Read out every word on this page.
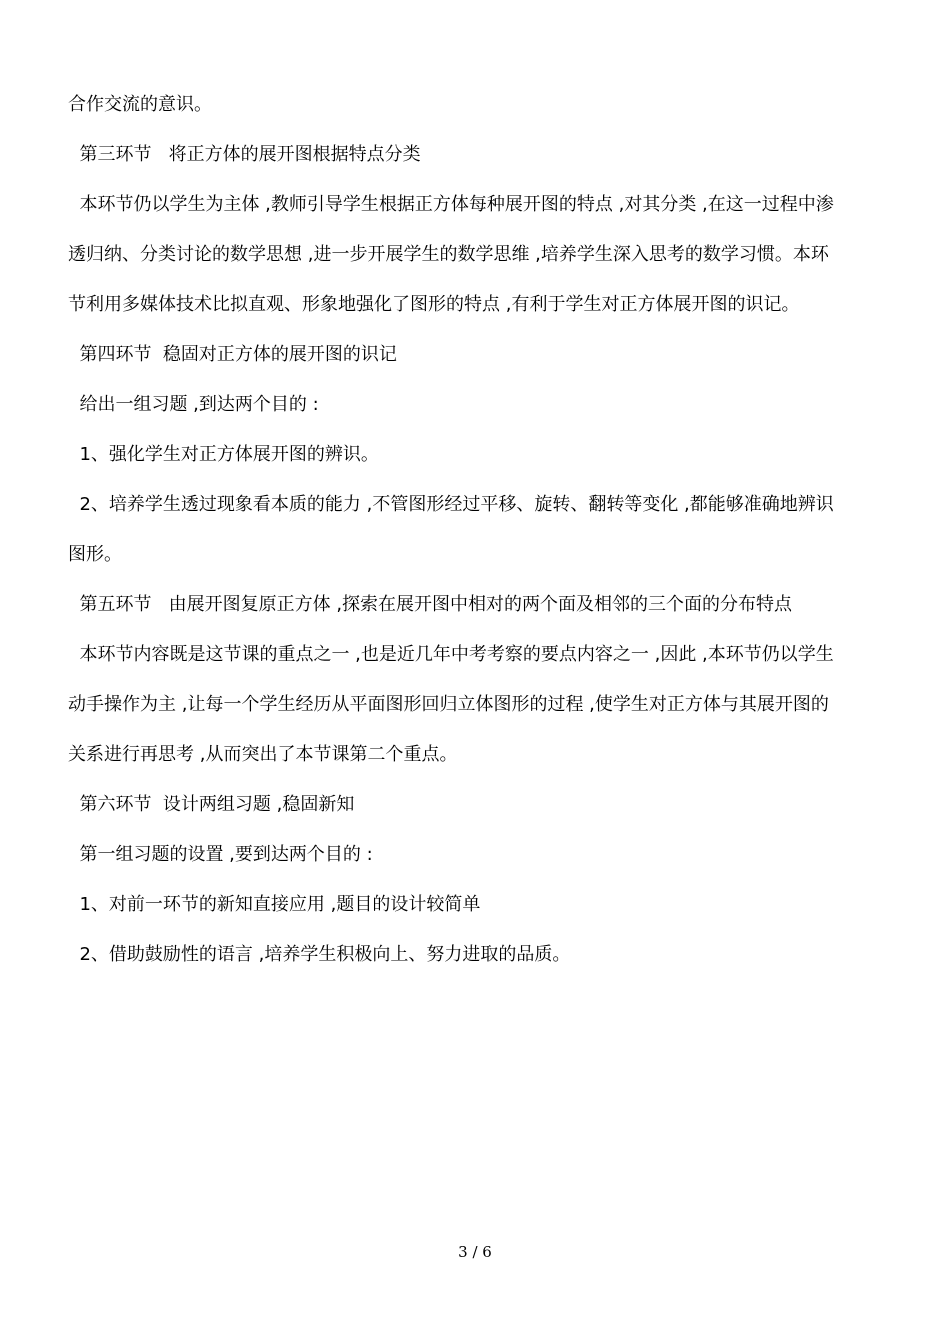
合作交流的意识。
第三环节   将正方体的展开图根据特点分类
本环节仍以学生为主体 ,教师引导学生根据正方体每种展开图的特点 ,对其分类 ,在这一过程中渗
透归纳、分类讨论的数学思想 ,进一步开展学生的数学思维 ,培养学生深入思考的数学习惯。本环
节利用多媒体技术比拟直观、形象地强化了图形的特点 ,有利于学生对正方体展开图的识记。
第四环节  稳固对正方体的展开图的识记
给出一组习题 ,到达两个目的 :
1、强化学生对正方体展开图的辨识。
2、培养学生透过现象看本质的能力 ,不管图形经过平移、旋转、翻转等变化 ,都能够准确地辨识
图形。
第五环节   由展开图复原正方体 ,探索在展开图中相对的两个面及相邻的三个面的分布特点
本环节内容既是这节课的重点之一 ,也是近几年中考考察的要点内容之一 ,因此 ,本环节仍以学生
动手操作为主 ,让每一个学生经历从平面图形回归立体图形的过程 ,使学生对正方体与其展开图的
关系进行再思考 ,从而突出了本节课第二个重点。
第六环节  设计两组习题 ,稳固新知
第一组习题的设置 ,要到达两个目的 :
1、对前一环节的新知直接应用 ,题目的设计较简单
2、借助鼓励性的语言 ,培养学生积极向上、努力进取的品质。
3 / 6
